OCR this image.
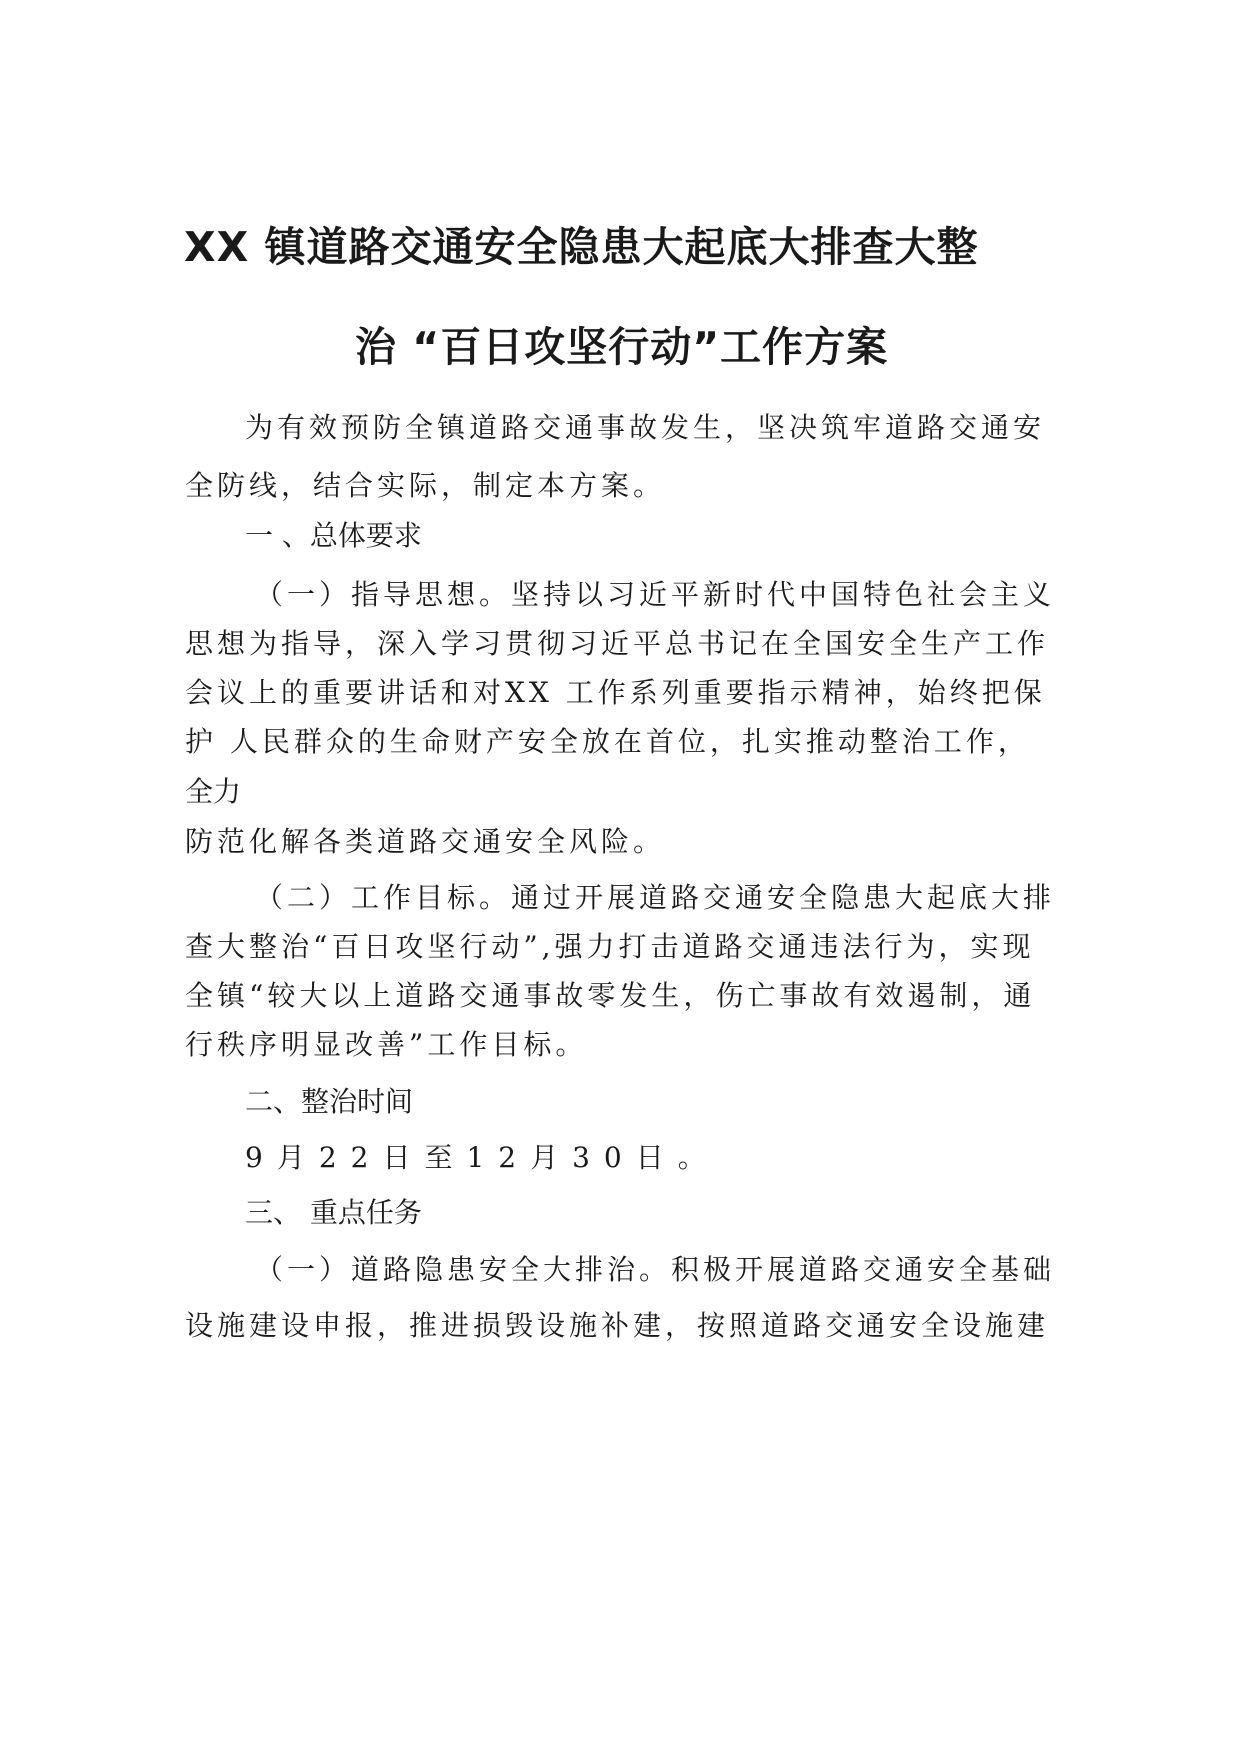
XX 镇道路交通安全隐患大起底大排查大整
治 “百日攻坚行动”工作方案

为有效预防全镇道路交通事故发生，坚决筑牢道路交通安

全防线，结合实际，制定本方案。

一 、总体要求

（一）指导思想。坚持以习近平新时代中国特色社会主义

思想为指导，深入学习贯彻习近平总书记在全国安全生产工作

会议上的重要讲话和对XX 工作系列重要指示精神，始终把保

护 人民群众的生命财产安全放在首位，扎实推动整治工作，

全力

防范化解各类道路交通安全风险。

（二）工作目标。通过开展道路交通安全隐患大起底大排

查大整治“百日攻坚行动”,强力打击道路交通违法行为，实现

全镇“较大以上道路交通事故零发生，伤亡事故有效遏制，通

行秩序明显改善”工作目标。

二、整治时间

9月22日至12月30日。

三、 重点任务

（一）道路隐患安全大排治。积极开展道路交通安全基础

设施建设申报，推进损毁设施补建，按照道路交通安全设施建
